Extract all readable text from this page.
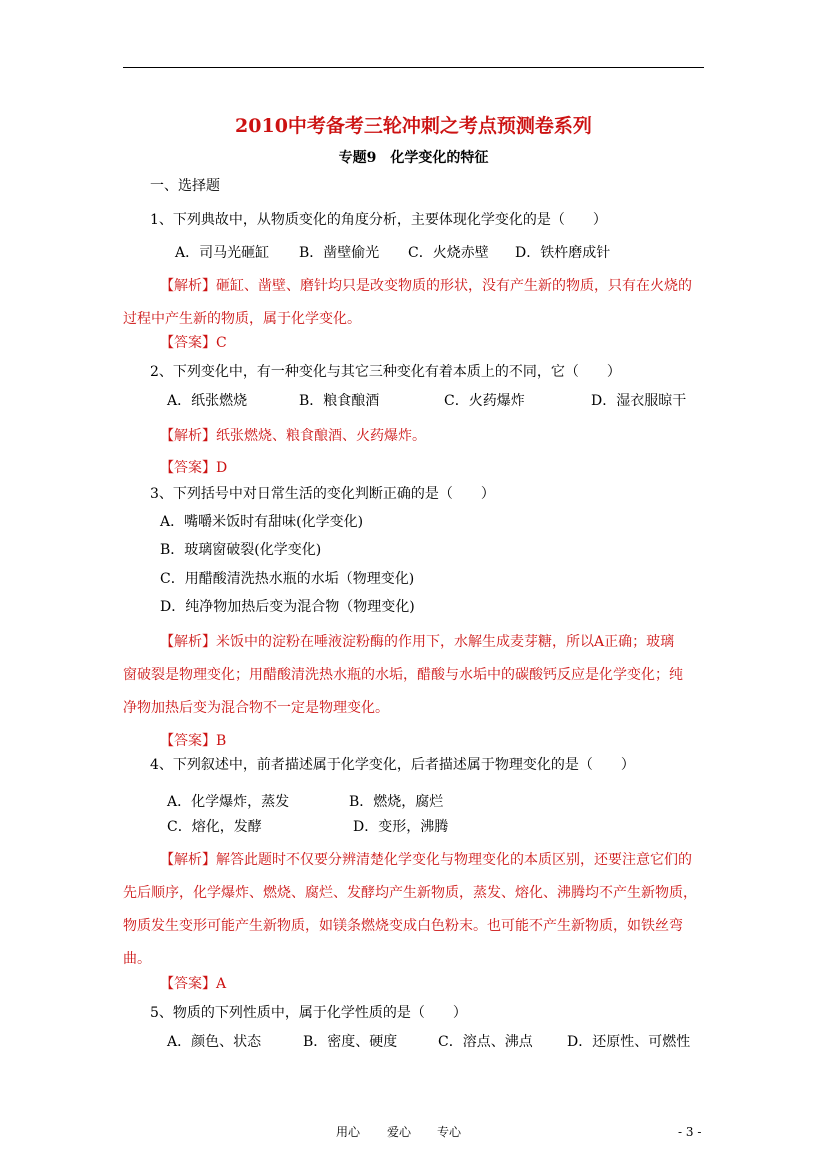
2010中考备考三轮冲刺之考点预测卷系列
专题9　化学变化的特征
一、选择题
1、下列典故中，从物质变化的角度分析，主要体现化学变化的是（　　）
A．司马光砸缸 B．凿壁偷光 C．火烧赤壁 D．铁杵磨成针
【解析】砸缸、凿壁、磨针均只是改变物质的形状，没有产生新的物质，只有在火烧的
过程中产生新的物质，属于化学变化。
【答案】C
2、下列变化中，有一种变化与其它三种变化有着本质上的不同，它（　　）
A．纸张燃烧	B．粮食酿酒	C．火药爆炸	D．湿衣服晾干
【解析】纸张燃烧、粮食酿酒、火药爆炸。
【答案】D
3、下列括号中对日常生活的变化判断正确的是（　　）
A．嘴嚼米饭时有甜味(化学变化)
B．玻璃窗破裂(化学变化)
C．用醋酸清洗热水瓶的水垢（物理变化)
D．纯净物加热后变为混合物（物理变化)
【解析】米饭中的淀粉在唾液淀粉酶的作用下，水解生成麦芽糖，所以A正确；玻璃
窗破裂是物理变化；用醋酸清洗热水瓶的水垢，醋酸与水垢中的碳酸钙反应是化学变化；纯
净物加热后变为混合物不一定是物理变化。
【答案】B
4、下列叙述中，前者描述属于化学变化，后者描述属于物理变化的是（　　）
A．化学爆炸，蒸发	B．燃烧，腐烂
C．熔化，发酵	D．变形，沸腾
【解析】解答此题时不仅要分辨清楚化学变化与物理变化的本质区别，还要注意它们的
先后顺序，化学爆炸、燃烧、腐烂、发酵均产生新物质，蒸发、熔化、沸腾均不产生新物质，
物质发生变形可能产生新物质，如镁条燃烧变成白色粉末。也可能不产生新物质，如铁丝弯
曲。
【答案】A
5、物质的下列性质中，属于化学性质的是（　　）
A．颜色、状态	B．密度、硬度	C．溶点、沸点 D．还原性、可燃性
用心 爱心 专心	- 3 -
